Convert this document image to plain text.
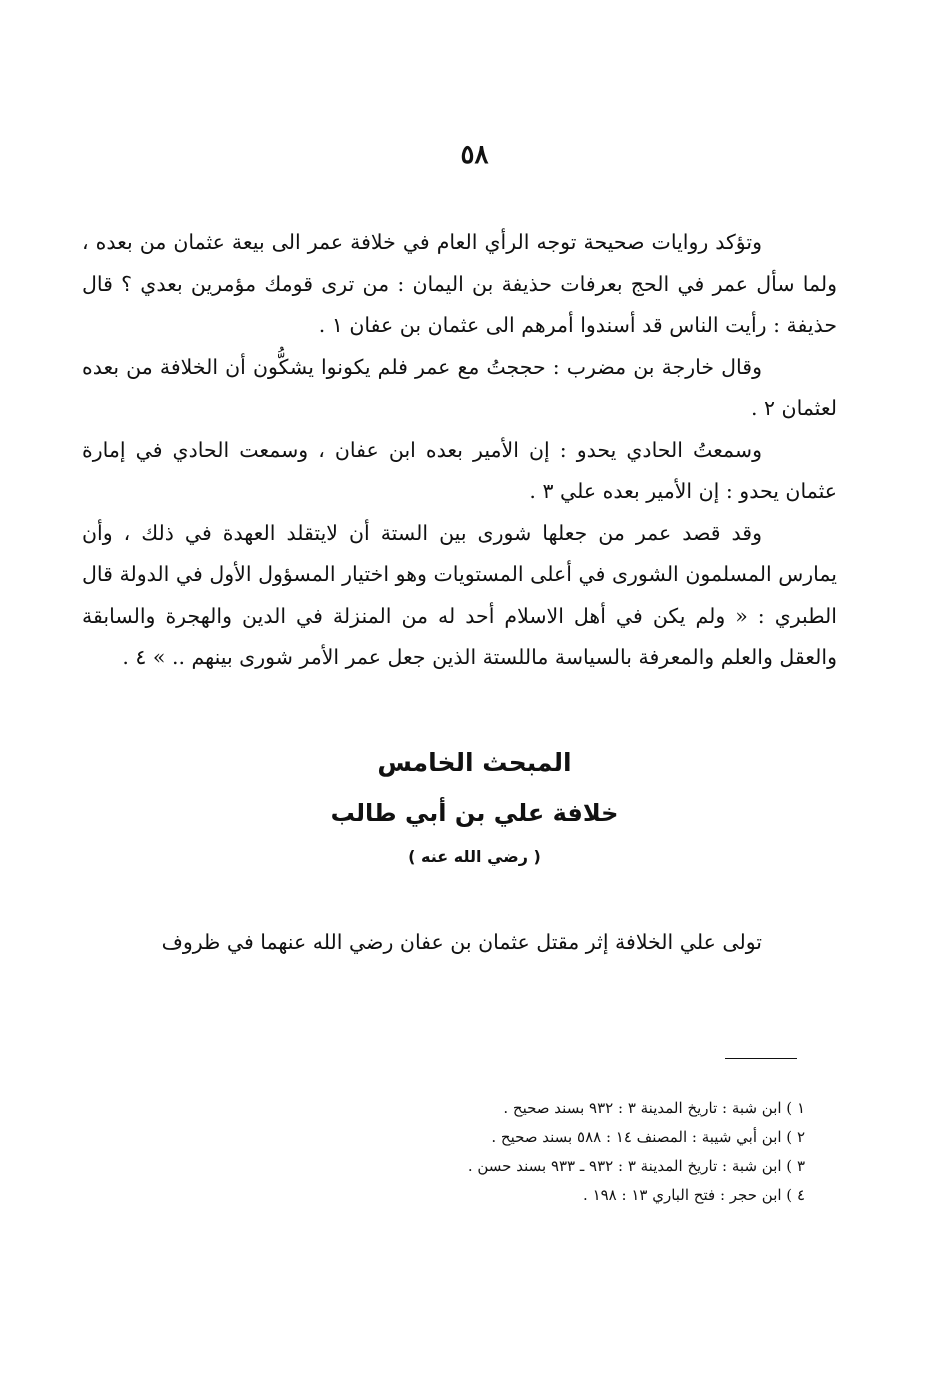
٥٨

وتؤكد روايات صحيحة توجه الرأي العام في خلافة عمر الى بيعة عثمان من بعده ، ولما سأل عمر في الحج بعرفات حذيفة بن اليمان : من ترى قومك مؤمرين بعدي ؟ قال حذيفة : رأيت الناس قد أسندوا أمرهم الى عثمان بن عفان ١ .

وقال خارجة بن مضرب : حججتُ مع عمر فلم يكونوا يشكُّون أن الخلافة من بعده لعثمان ٢ .

وسمعتُ الحادي يحدو : إن الأمير بعده ابن عفان ، وسمعت الحادي في إمارة عثمان يحدو : إن الأمير بعده علي ٣ .

وقد قصد عمر من جعلها شورى بين الستة أن لايتقلد العهدة في ذلك ، وأن يمارس المسلمون الشورى في أعلى المستويات وهو اختيار المسؤول الأول في الدولة قال الطبري : « ولم يكن في أهل الاسلام أحد له من المنزلة في الدين والهجرة والسابقة والعقل والعلم والمعرفة بالسياسة ماللستة الذين جعل عمر الأمر شورى بينهم .. » ٤ .

المبحث الخامس
خلافة علي بن أبي طالب
( رضي الله عنه )
تولى علي الخلافة إثر مقتل عثمان بن عفان رضي الله عنهما في ظروف
١ ) ابن شبة : تاريخ المدينة ٣ : ٩٣٢ بسند صحيح .
٢ ) ابن أبي شيبة : المصنف ١٤ : ٥٨٨ بسند صحيح .
٣ ) ابن شبة : تاريخ المدينة ٣ : ٩٣٢ ـ ٩٣٣ بسند حسن .
٤ ) ابن حجر : فتح الباري ١٣ : ١٩٨ .
